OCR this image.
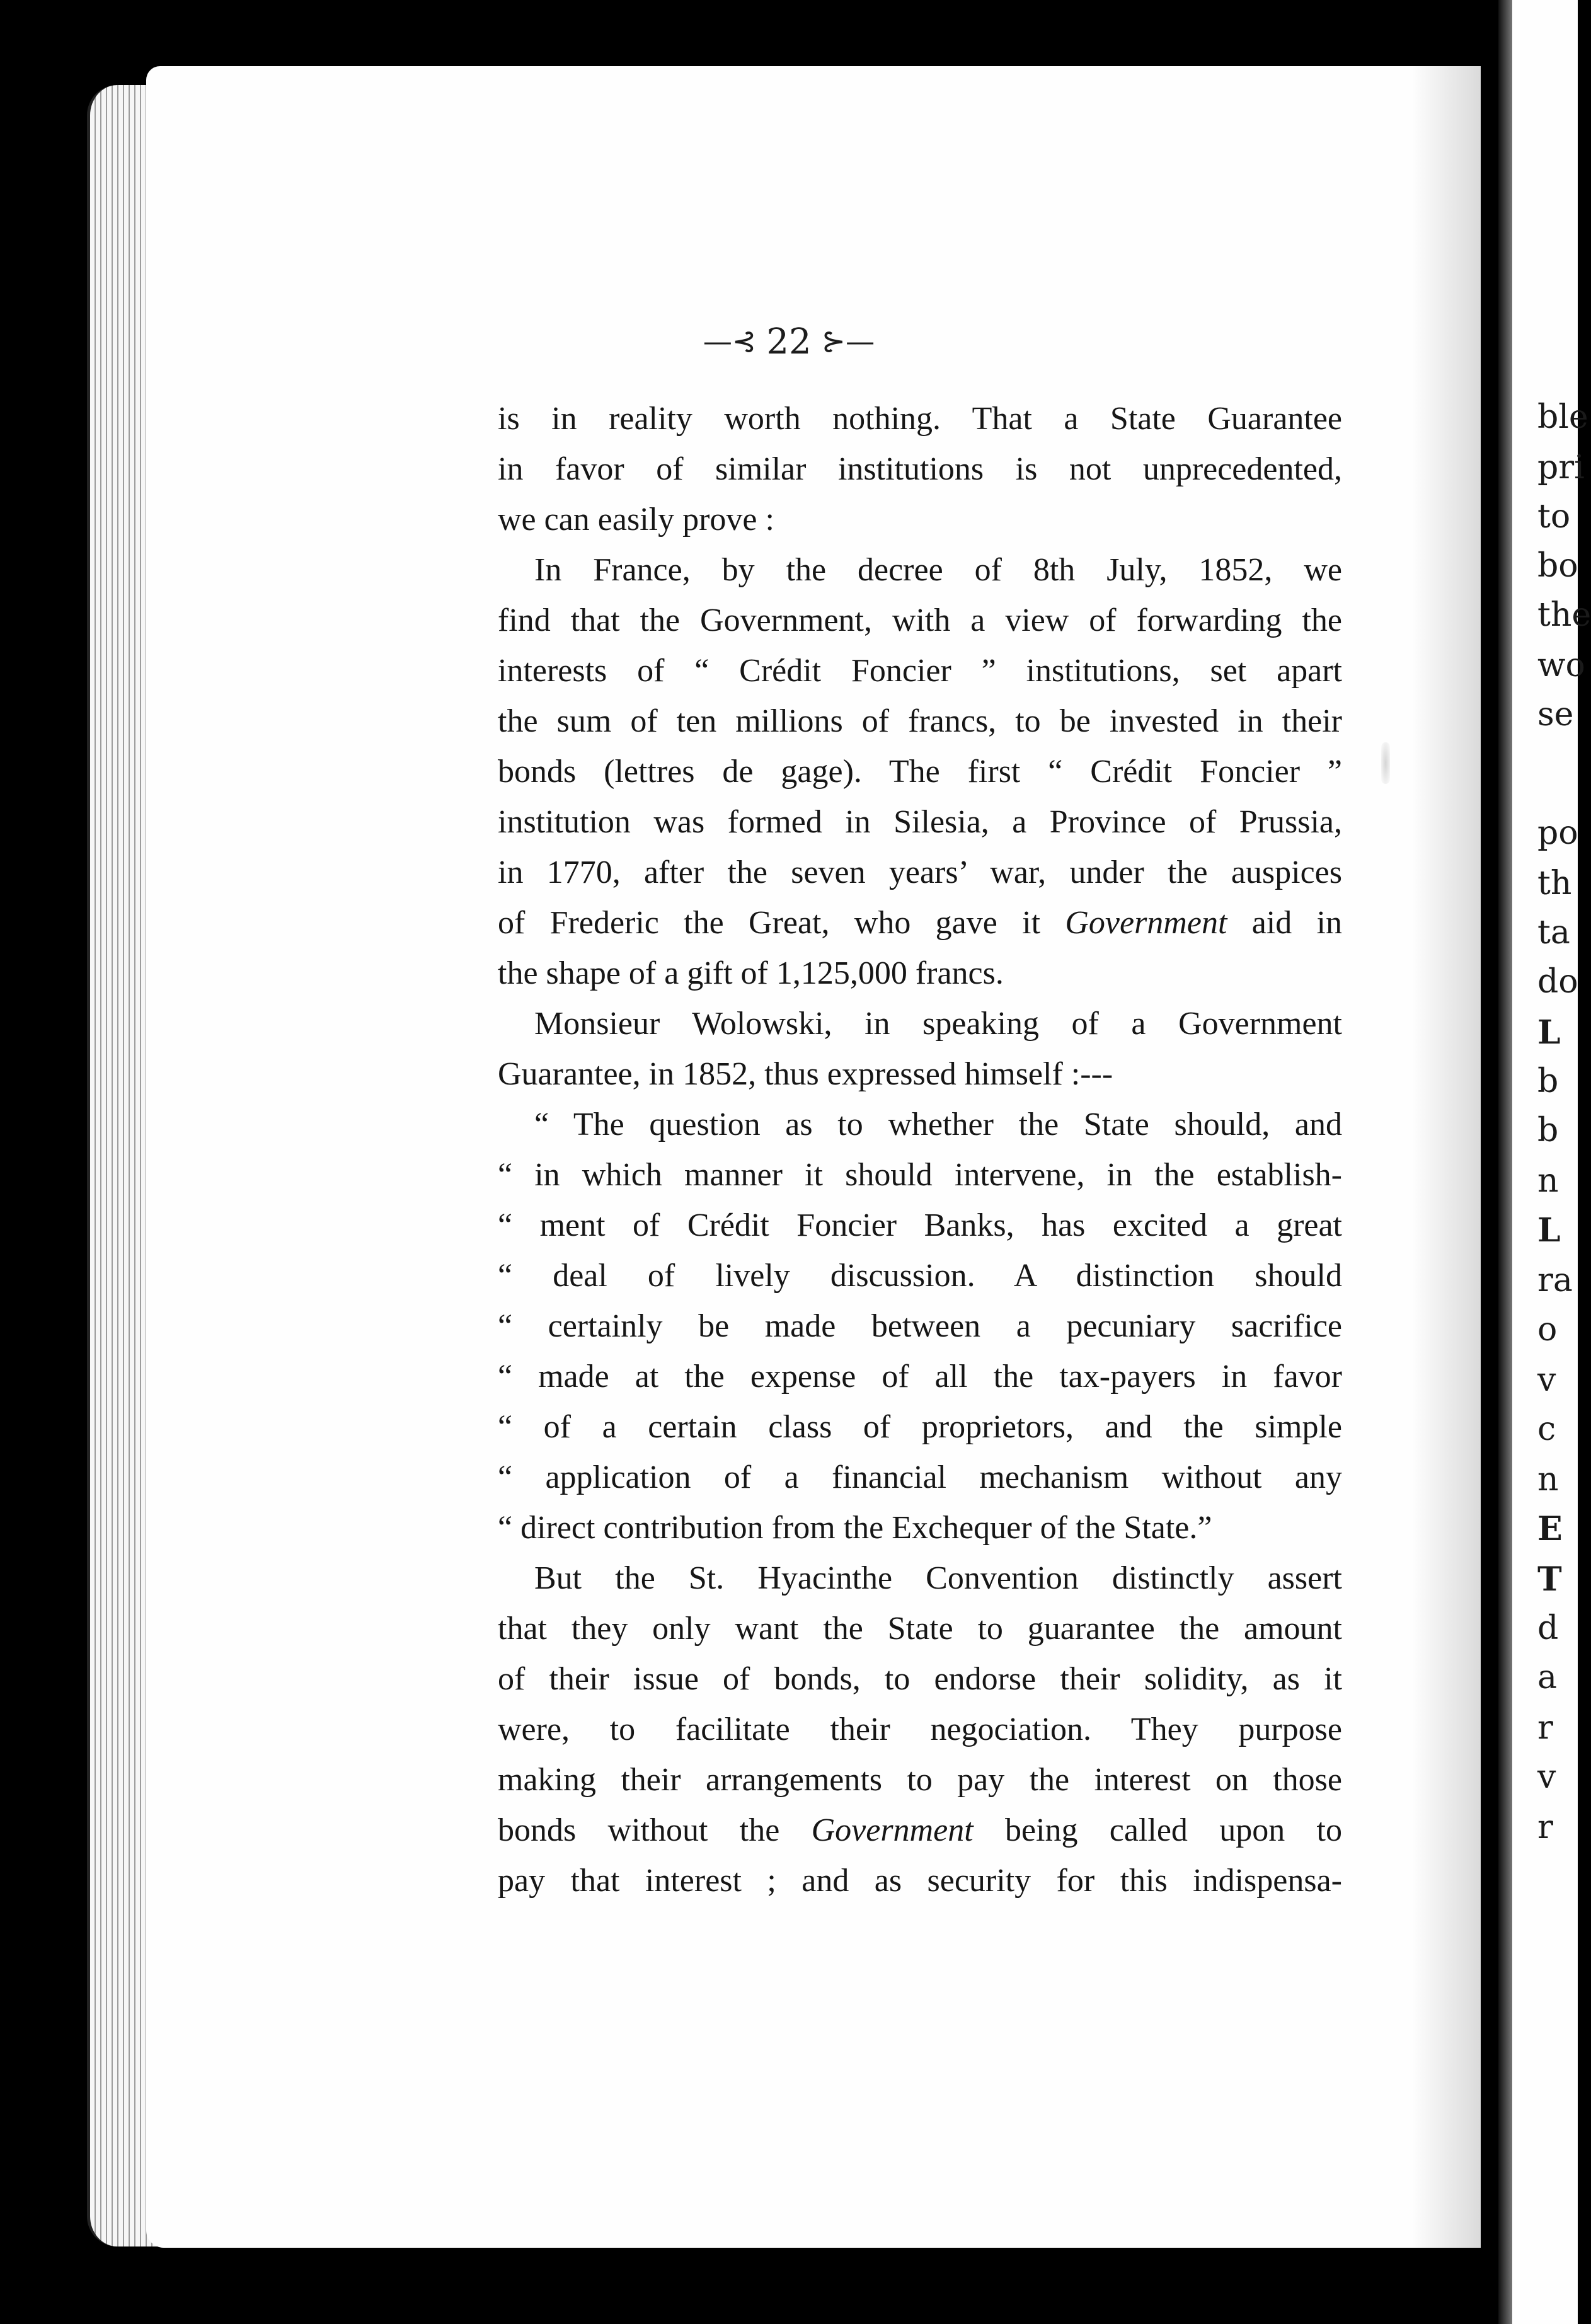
—⊰ 22 ⊱—
is in reality worth nothing. That a State Guarantee
in favor of similar institutions is not unprecedented,
we can easily prove :
In France, by the decree of 8th July, 1852, we
find that the Government, with a view of forwarding the
interests of “ Crédit Foncier ” institutions, set apart
the sum of ten millions of francs, to be invested in their
bonds (lettres de gage). The first “ Crédit Foncier ”
institution was formed in Silesia, a Province of Prussia,
in 1770, after the seven years’ war, under the auspices
of Frederic the Great, who gave it Government aid in
the shape of a gift of 1,125,000 francs.
Monsieur Wolowski, in speaking of a Government
Guarantee, in 1852, thus expressed himself :---
“ The question as to whether the State should, and
“ in which manner it should intervene, in the establish-
“ ment of Crédit Foncier Banks, has excited a great
“ deal of lively discussion. A distinction should
“ certainly be made between a pecuniary sacrifice
“ made at the expense of all the tax-payers in favor
“ of a certain class of proprietors, and the simple
“ application of a financial mechanism without any
“ direct contribution from the Exchequer of the State.”
But the St. Hyacinthe Convention distinctly assert
that they only want the State to guarantee the amount
of their issue of bonds, to endorse their solidity, as it
were, to facilitate their negociation. They purpose
making their arrangements to pay the interest on those
bonds without the Government being called upon to
pay that interest ; and as security for this indispensa-
ble
pri
to
bo
the
wo
se
po
th
ta
do
L
b
b
n
L
ra
o
v
c
n
E
T
d
a
r
v
r
